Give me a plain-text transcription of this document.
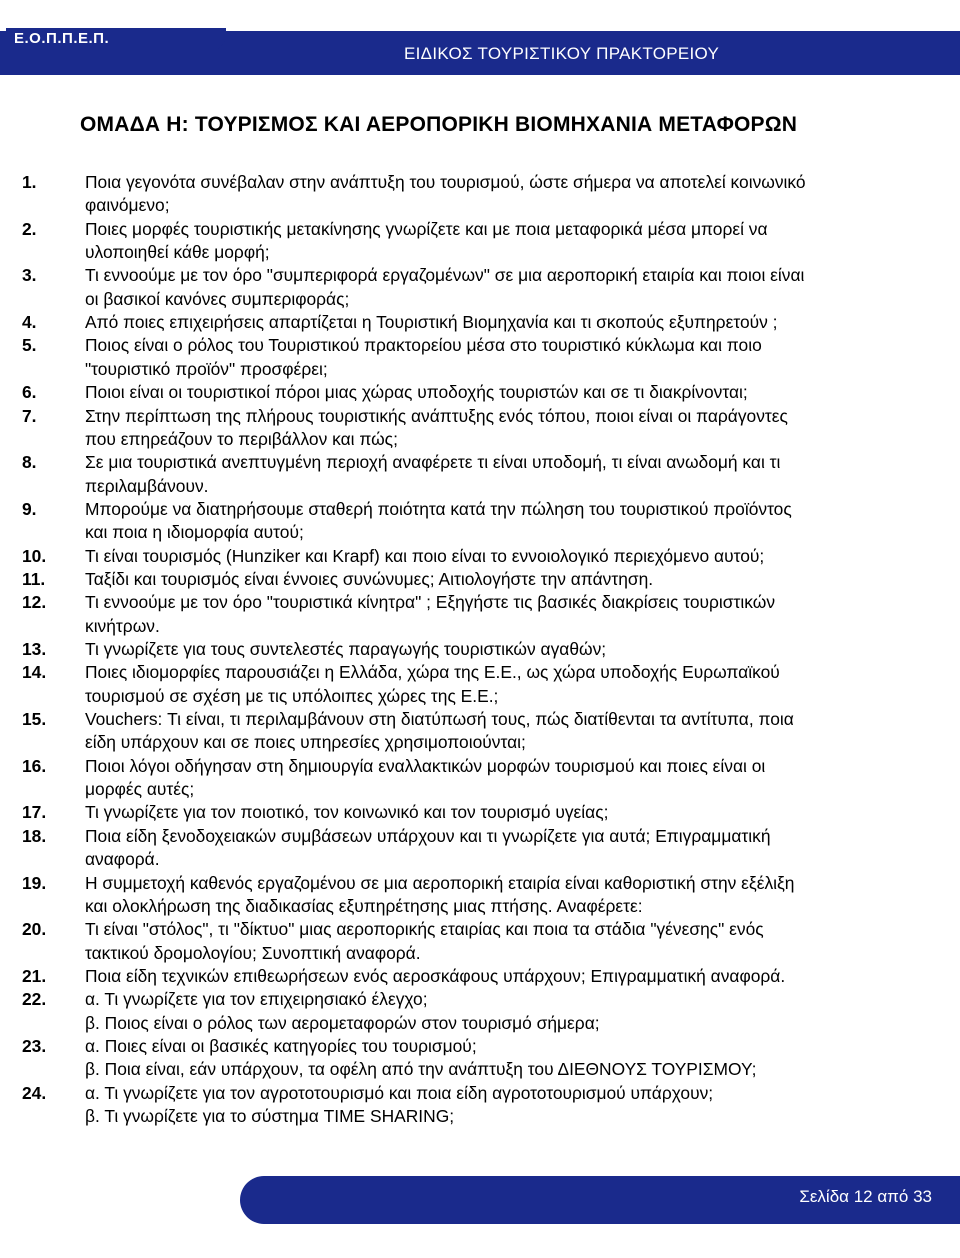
Ε.Ο.Π.Π.Ε.Π.
ΕΙΔΙΚΟΣ ΤΟΥΡΙΣΤΙΚΟΥ ΠΡΑΚΤΟΡΕΙΟΥ
ΟΜΑΔΑ Η: ΤΟΥΡΙΣΜΟΣ ΚΑΙ ΑΕΡΟΠΟΡΙΚΗ ΒΙΟΜΗΧΑΝΙΑ ΜΕΤΑΦΟΡΩΝ
1.	Ποια γεγονότα συνέβαλαν στην ανάπτυξη του τουρισμού, ώστε σήμερα να αποτελεί κοινωνικό
φαινόμενο;
2.	Ποιες μορφές τουριστικής μετακίνησης γνωρίζετε και με ποια μεταφορικά μέσα μπορεί να
υλοποιηθεί κάθε μορφή;
3.	Τι εννοούμε με τον όρο "συμπεριφορά εργαζομένων" σε μια αεροπορική εταιρία και ποιοι είναι
οι βασικοί κανόνες συμπεριφοράς;
4.	Από ποιες επιχειρήσεις απαρτίζεται η Τουριστική Βιομηχανία και τι σκοπούς εξυπηρετούν ;
5.	Ποιος είναι ο ρόλος του Τουριστικού πρακτορείου μέσα στο τουριστικό κύκλωμα και ποιο
"τουριστικό προϊόν" προσφέρει;
6.	Ποιοι είναι οι τουριστικοί πόροι μιας χώρας υποδοχής τουριστών και σε τι διακρίνονται;
7.	Στην περίπτωση της πλήρους τουριστικής ανάπτυξης ενός τόπου, ποιοι είναι οι παράγοντες
που επηρεάζουν το περιβάλλον και πώς;
8.	Σε μια τουριστικά ανεπτυγμένη περιοχή αναφέρετε τι είναι υποδομή, τι είναι ανωδομή και τι
περιλαμβάνουν.
9.	Μπορούμε να διατηρήσουμε σταθερή ποιότητα κατά την πώληση του τουριστικού προϊόντος
και ποια η ιδιομορφία αυτού;
10. Τι είναι τουρισμός (Hunziker και Krapf) και ποιο είναι το εννοιολογικό περιεχόμενο αυτού;
11. Ταξίδι και τουρισμός είναι έννοιες συνώνυμες; Αιτιολογήστε την απάντηση.
12. Τι εννοούμε με τον όρο "τουριστικά κίνητρα" ; Εξηγήστε τις βασικές διακρίσεις τουριστικών
κινήτρων.
13. Τι γνωρίζετε για τους συντελεστές παραγωγής τουριστικών αγαθών;
14. Ποιες ιδιομορφίες παρουσιάζει η Ελλάδα, χώρα της Ε.Ε., ως χώρα υποδοχής Ευρωπαϊκού
τουρισμού σε σχέση με τις υπόλοιπες χώρες της Ε.Ε.;
15. Vouchers: Τι είναι, τι περιλαμβάνουν στη διατύπωσή τους, πώς διατίθενται τα αντίτυπα, ποια
είδη υπάρχουν και σε ποιες υπηρεσίες χρησιμοποιούνται;
16. Ποιοι λόγοι οδήγησαν στη δημιουργία εναλλακτικών μορφών τουρισμού και ποιες είναι οι
μορφές αυτές;
17. Τι γνωρίζετε για τον ποιοτικό, τον κοινωνικό και τον τουρισμό υγείας;
18. Ποια είδη ξενοδοχειακών συμβάσεων υπάρχουν και τι γνωρίζετε για αυτά; Επιγραμματική
αναφορά.
19. Η συμμετοχή καθενός εργαζομένου σε μια αεροπορική εταιρία είναι καθοριστική στην εξέλιξη
και ολοκλήρωση της διαδικασίας εξυπηρέτησης μιας πτήσης. Αναφέρετε:
20. Τι είναι "στόλος", τι "δίκτυο" μιας αεροπορικής εταιρίας και ποια τα στάδια "γένεσης" ενός
τακτικού δρομολογίου; Συνοπτική αναφορά.
21. Ποια είδη τεχνικών επιθεωρήσεων ενός αεροσκάφους υπάρχουν; Επιγραμματική αναφορά.
22. α. Τι γνωρίζετε για τον επιχειρησιακό έλεγχο;
β. Ποιος είναι ο ρόλος των αερομεταφορών στον τουρισμό σήμερα;
23. α. Ποιες είναι οι βασικές κατηγορίες του τουρισμού;
β. Ποια είναι, εάν υπάρχουν, τα οφέλη από την ανάπτυξη του ΔΙΕΘΝΟΥΣ ΤΟΥΡΙΣΜΟΥ;
24. α. Τι γνωρίζετε για τον αγροτοτουρισμό και ποια είδη αγροτοτουρισμού υπάρχουν;
β. Τι γνωρίζετε για το σύστημα TIME SHARING;
Σελίδα 12 από 33
